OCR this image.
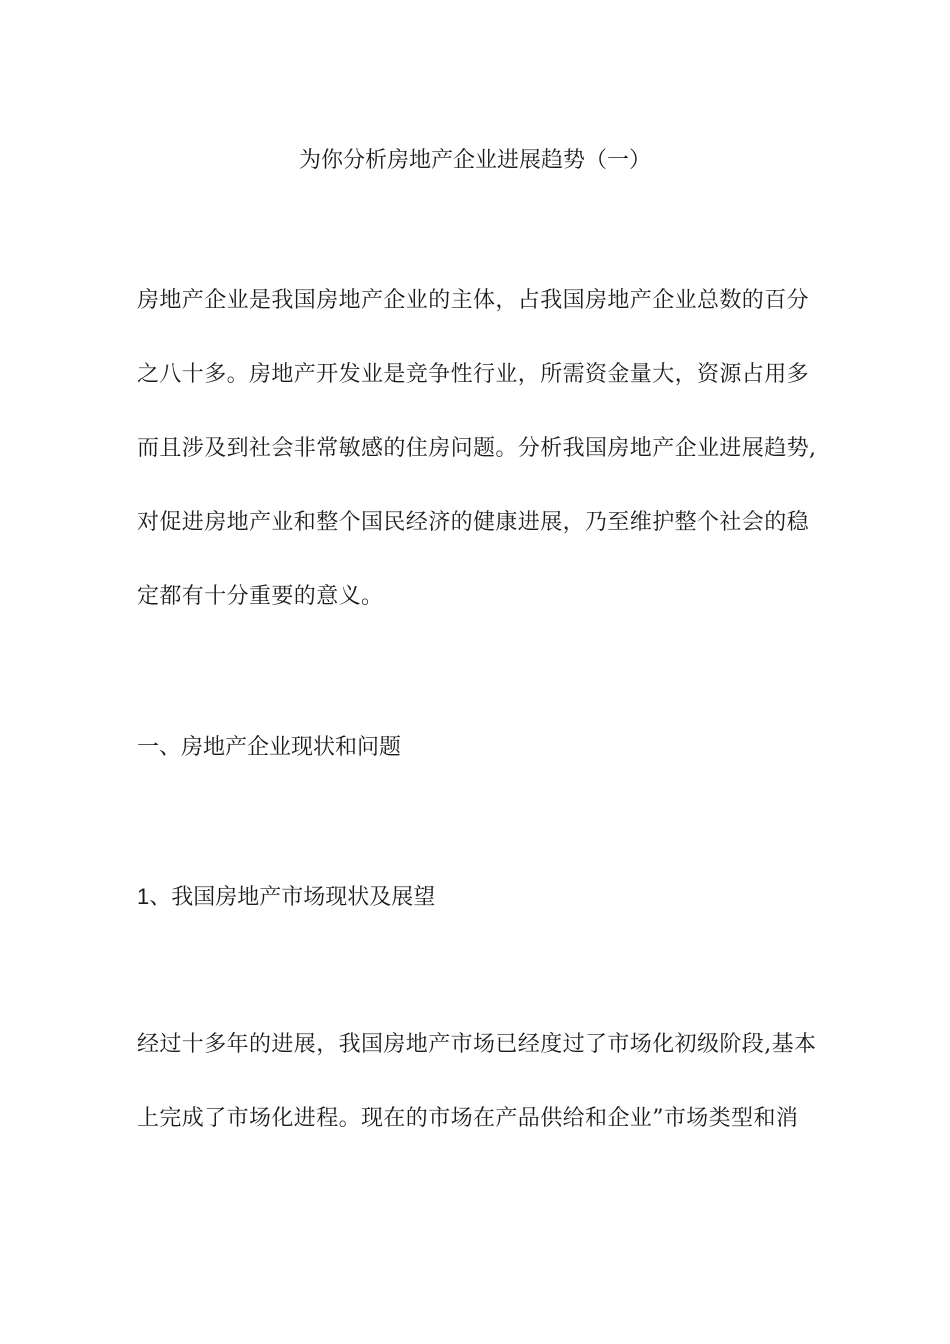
为你分析房地产企业进展趋势（一）
房地产企业是我国房地产企业的主体，占我国房地产企业总数的百分
之八十多。房地产开发业是竞争性行业，所需资金量大，资源占用多
而且涉及到社会非常敏感的住房问题。分析我国房地产企业进展趋势,
对促进房地产业和整个国民经济的健康进展，乃至维护整个社会的稳
定都有十分重要的意义。
一、房地产企业现状和问题
1、我国房地产市场现状及展望
经过十多年的进展，我国房地产市场已经度过了市场化初级阶段,基本
上完成了市场化进程。现在的市场在产品供给和企业”市场类型和消
